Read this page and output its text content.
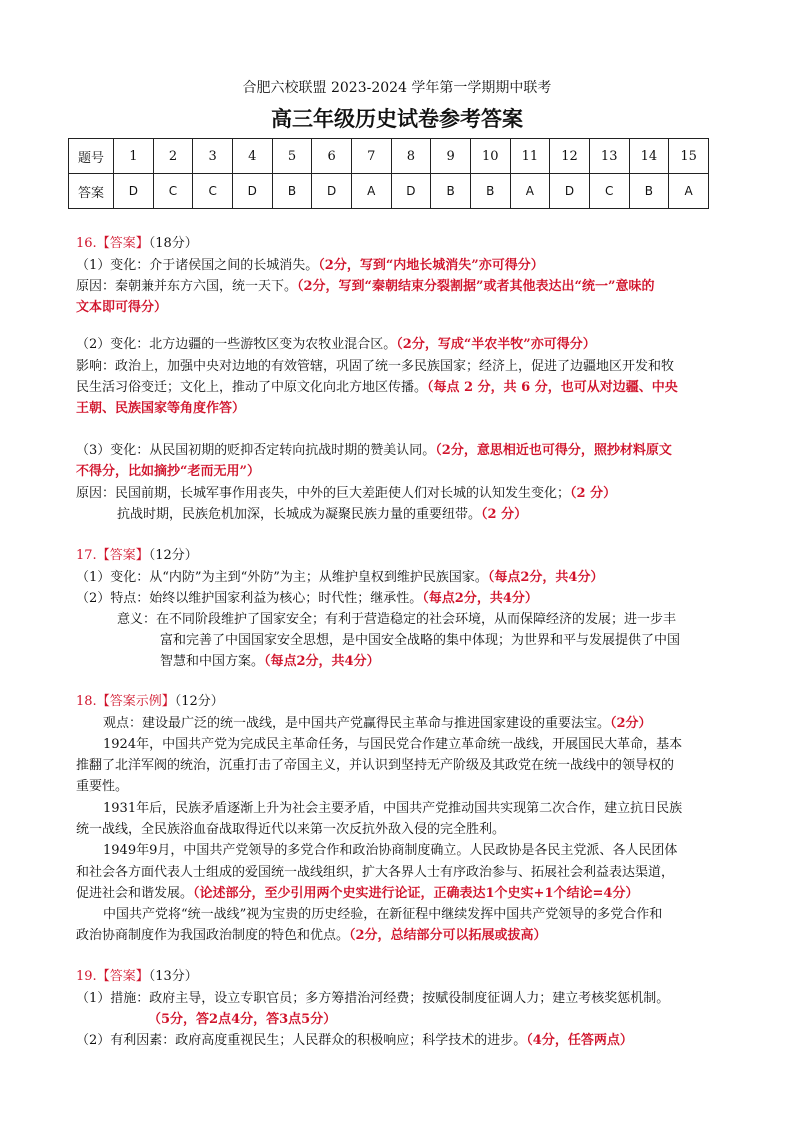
合肥六校联盟 2023-2024 学年第一学期期中联考
高三年级历史试卷参考答案
题号	1	2	3	4	5	6	7	8	9	10	11	12	13	14	15
答案	D	C	C	D	B	D	A	D	B	B	A	D	C	B	A
16.【答案】（18分）
（1）变化：介于诸侯国之间的长城消失。（2分，写到“内地长城消失”亦可得分）
原因：秦朝兼并东方六国，统一天下。（2分，写到“秦朝结束分裂割据”或者其他表达出“统一”意味的
文本即可得分）
（2）变化：北方边疆的一些游牧区变为农牧业混合区。（2分，写成“半农半牧”亦可得分）
影响：政治上，加强中央对边地的有效管辖，巩固了统一多民族国家；经济上，促进了边疆地区开发和牧
民生活习俗变迁；文化上，推动了中原文化向北方地区传播。（每点 2 分，共 6 分，也可从对边疆、中央
王朝、民族国家等角度作答）
（3）变化：从民国初期的贬抑否定转向抗战时期的赞美认同。（2分，意思相近也可得分，照抄材料原文
不得分，比如摘抄“老而无用”）
原因：民国前期，长城军事作用丧失，中外的巨大差距使人们对长城的认知发生变化；（2 分）
抗战时期，民族危机加深，长城成为凝聚民族力量的重要纽带。（2 分）
17.【答案】（12分）
（1）变化：从“内防”为主到“外防”为主；从维护皇权到维护民族国家。（每点2分，共4分）
（2）特点：始终以维护国家利益为核心；时代性；继承性。（每点2分，共4分）
意义：在不同阶段维护了国家安全；有利于营造稳定的社会环境，从而保障经济的发展；进一步丰
富和完善了中国国家安全思想，是中国安全战略的集中体现；为世界和平与发展提供了中国
智慧和中国方案。（每点2分，共4分）
18.【答案示例】（12分）
观点：建设最广泛的统一战线，是中国共产党赢得民主革命与推进国家建设的重要法宝。（2分）
1924年，中国共产党为完成民主革命任务，与国民党合作建立革命统一战线，开展国民大革命，基本
推翻了北洋军阀的统治，沉重打击了帝国主义，并认识到坚持无产阶级及其政党在统一战线中的领导权的
重要性。
1931年后，民族矛盾逐渐上升为社会主要矛盾，中国共产党推动国共实现第二次合作，建立抗日民族
统一战线，全民族浴血奋战取得近代以来第一次反抗外敌入侵的完全胜利。
1949年9月，中国共产党领导的多党合作和政治协商制度确立。人民政协是各民主党派、各人民团体
和社会各方面代表人士组成的爱国统一战线组织，扩大各界人士有序政治参与、拓展社会利益表达渠道，
促进社会和谐发展。（论述部分，至少引用两个史实进行论证，正确表达1个史实+1个结论=4分）
中国共产党将“统一战线”视为宝贵的历史经验，在新征程中继续发挥中国共产党领导的多党合作和
政治协商制度作为我国政治制度的特色和优点。（2分，总结部分可以拓展或拔高）
19.【答案】（13分）
（1）措施：政府主导，设立专职官员；多方筹措治河经费；按赋役制度征调人力；建立考核奖惩机制。
（5分，答2点4分，答3点5分）
（2）有利因素：政府高度重视民生；人民群众的积极响应；科学技术的进步。（4分，任答两点）
